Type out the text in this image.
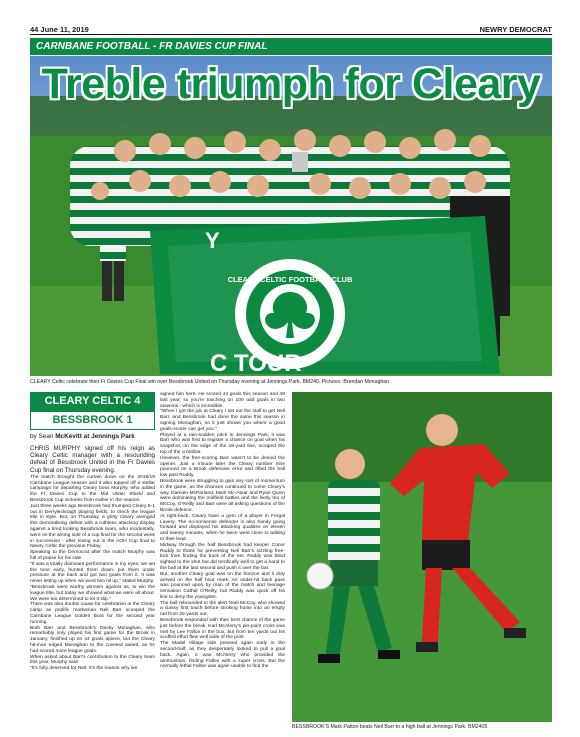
44 June 11, 2019	NEWRY DEMOCRAT
CARNBANE FOOTBALL - FR DAVIES CUP FINAL
Y
CLEARY CELTIC FOOTBALL CLUB
C TOUR
Treble triumph for Cleary
CLEARY Celtic celebrate their Fr Davies Cup Final win over Bessbrook United on Thursday evening at Jennings Park. BM240. Pictures :Brendan Monaghan.
CLEARY CELTIC 4
BESSBROOK 1
by Sean McKevitt at Jennings Park

CHRIS MURPHY signed off his reign as Cleary Celtic manager with a resounding defeat of Bessbrook United in the Fr Davies Cup final on Thursday evening.

The match brought the curtain down on the 2018/19 Carnbane League season and it also topped off a stellar campaign for departing Cleary boss Murphy, who added the Fr Davies Cup to the Mid Ulster Shield and Bessbrook Cup victories from earlier in the season.

Just three weeks ago Bessbrook had thumped Cleary 5-1 out in Derrylecknagh playing fields, to clinch the league title in style. But, on Thursday, a gritty Cleary avenged this demoralising defeat with a ruthless attacking display against a tired looking Bessbrook team, who incidentally, were on the wrong side of a cup final for the second week in succession - after losing out in the AOH Cup final to Newry Celtic the previous Friday.

Speaking to the Democrat after the match Murphy was full of praise for his side.

"It was a totally dominant performance in my eyes; we set the tone early, hunted them down, put them under pressure at the back and got two goals from it. It was never letting up when we went two nil up," stated Murphy.

"Bessbrook were worthy winners against us, to win the league title, but today we showed what we were all about. We were too determined to let it slip."

There was also double cause for celebration in the Cleary camp as prolific marksman Neil Barr scooped the Carnbane League Golden Boot for the second year running.

Both Barr and Bessbrook's Decky Monaghan, who remarkably only played his first game for the Brook in January, finished up on 44 goals apiece, but the Cleary hit-man edged Monaghan to the coveted award, as he had scored more league goals.

When asked about Barr's contribution to the Cleary team this year, Murphy said:

"It's fully deserved for Neil. It's the reason why we

signed him here. He scored 44 goals this season and 48 last year, so you're touching on 100 odd goals in two seasons - which is incredible.

"When I got the job at Cleary I set out the stall to get Neil Barr, and Bessbrook had done the same this season in signing Monaghan, so it just shows you where a good goals-scorer can get you."

Played at a rain-sodden pitch in Jennings Park, it was Barr who was first to register a chance on goal when his snapshot, on the edge of the 18-yard line, scraped the top of the crossbar.

However, the free-scoring Barr wasn't to be denied the opener. Just a minute later the Cleary number nine pounced on a Brook defensive error and rifled the ball low past Ruddy.

Bessbrook were struggling to gain any sort of momentum in the game, as the chances continued to come Cleary's way. Damien McParland, Mark Mc-Atear and Ryan Quinn were dominating the midfield battles and the lively trio of McCoy, O'Reilly and Barr were all asking questions of the Brook defence.

At right-back, Cleary have a gem of a player in Fergal Lavery. The no-nonsense defender is also handy going forward and displayed his attacking qualities on eleven and twenty minutes, when he twice went close to adding to their lead.

Midway through the half Bessbrook had keeper Conor Ruddy to thank for preventing Neil Barr's sizzling free-kick from finding the back of the net. Ruddy was blind sighted to the shot but did terrifically well to get a hand to the ball at the last second and push it over the bar.

But, another Cleary goal was on the horizon and it duly arrived on the half hour mark. An under-hit back pass was pounced upon by man of the match and teenage sensation Cathal O'Reilly, but Ruddy was quick off his line to deny the youngster.

The ball rebounded to the alert Noel McCoy, who showed a classy first touch before stroking home into an empty net from 25-yards out.

Bessbrook responded with their best chance of the game just before the break. Karl McAlerry's pin-point cross was met by Lee Fallon in the box, but from ten yards out his scuffed effort flew well wide of the post.

The Madel Village side pressed again early in the second-half, as they desperately looked to pull a goal back. Again, it was McAlerry who provided the ammunition, finding Fallon with a super cross. But the normally lethal Fallon was again unable to find the

BESSBROOK'S Mark Patton beats Neil Barr to a high ball at Jennings Park. BM2405
